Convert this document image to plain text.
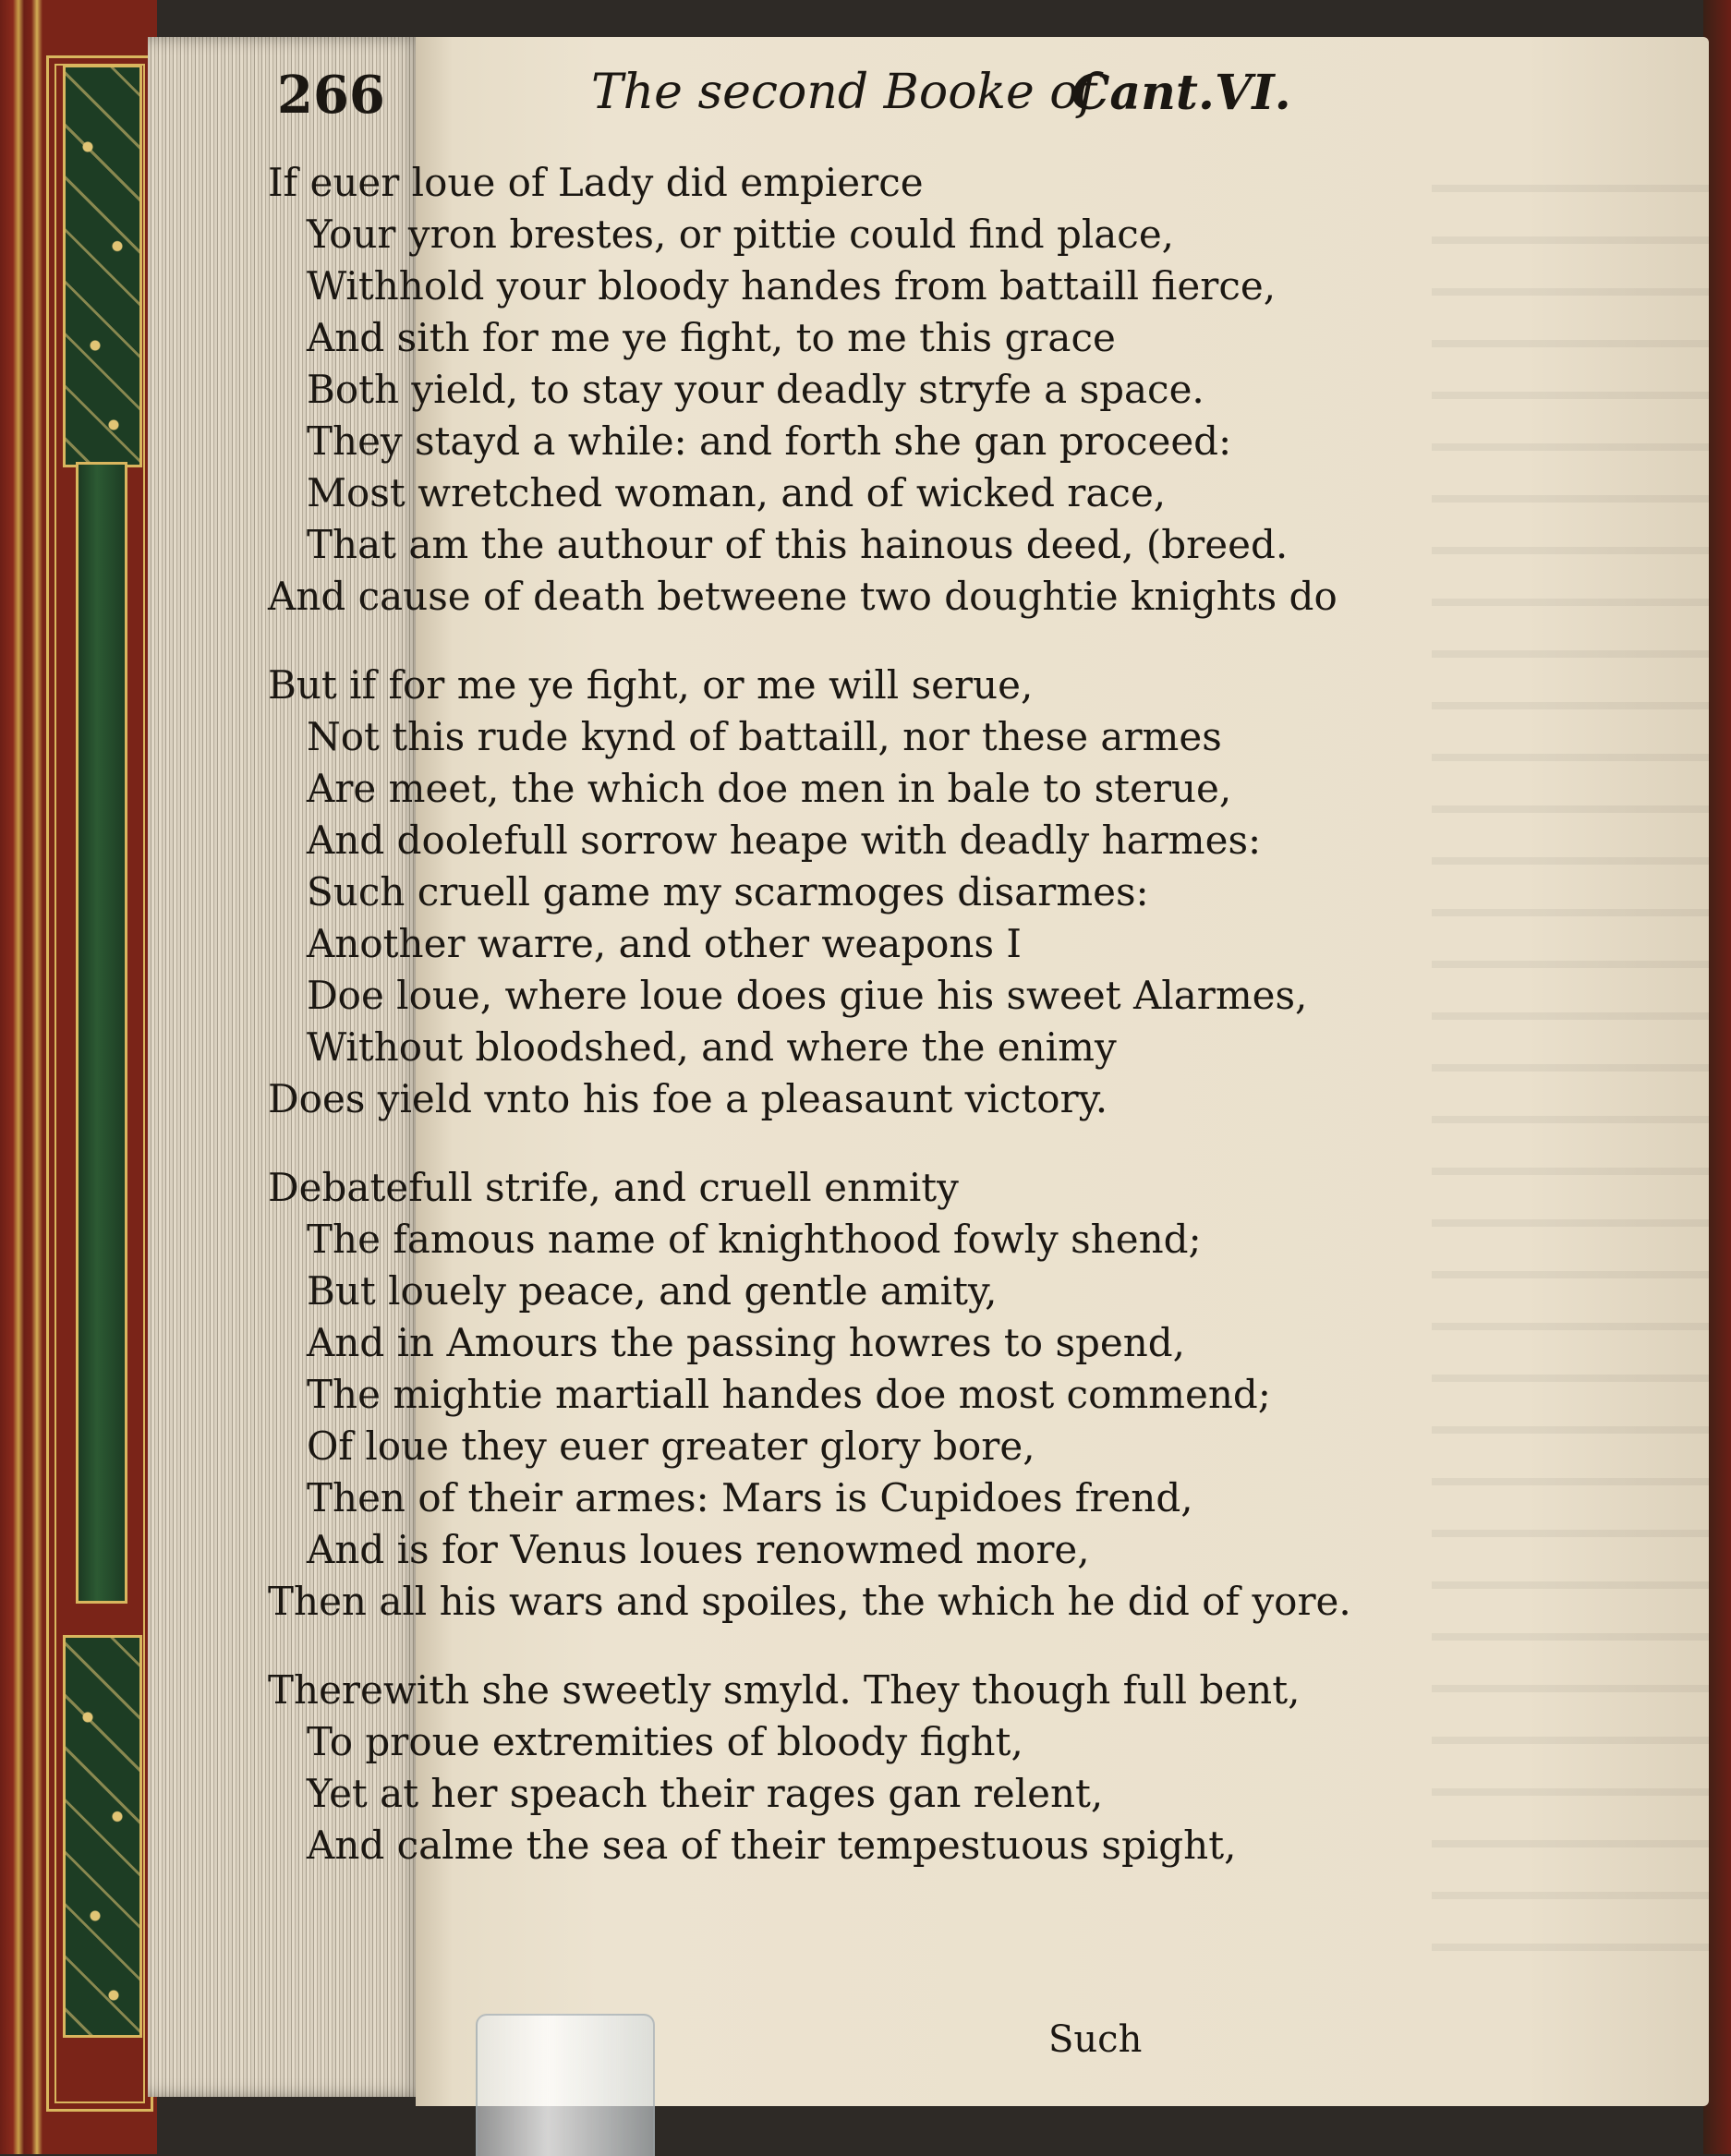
266	The second Booke of
Cant.VI.
If euer loue of Lady did empierce
Your yron brestes, or pittie could find place,
Withhold your bloody handes from battaill fierce,
And sith for me ye fight, to me this grace
Both yield, to stay your deadly stryfe a space.
They stayd a while: and forth she gan proceed:
Most wretched woman, and of wicked race,
That am the authour of this hainous deed, (breed.
And cause of death betweene two doughtie knights do
But if for me ye fight, or me will serue,
Not this rude kynd of battaill, nor these armes
Are meet, the which doe men in bale to sterue,
And doolefull sorrow heape with deadly harmes:
Such cruell game my scarmoges disarmes:
Another warre, and other weapons I
Doe loue, where loue does giue his sweet Alarmes,
Without bloodshed, and where the enimy
Does yield vnto his foe a pleasaunt victory.
Debatefull strife, and cruell enmity
The famous name of knighthood fowly shend;
But louely peace, and gentle amity,
And in Amours the passing howres to spend,
The mightie martiall handes doe most commend;
Of loue they euer greater glory bore,
Then of their armes: Mars is Cupidoes frend,
And is for Venus loues renowmed more,
Then all his wars and spoiles, the which he did of yore.
Therewith she sweetly smyld. They though full bent,
To proue extremities of bloody fight,
Yet at her speach their rages gan relent,
And calme the sea of their tempestuous spight,
Such
